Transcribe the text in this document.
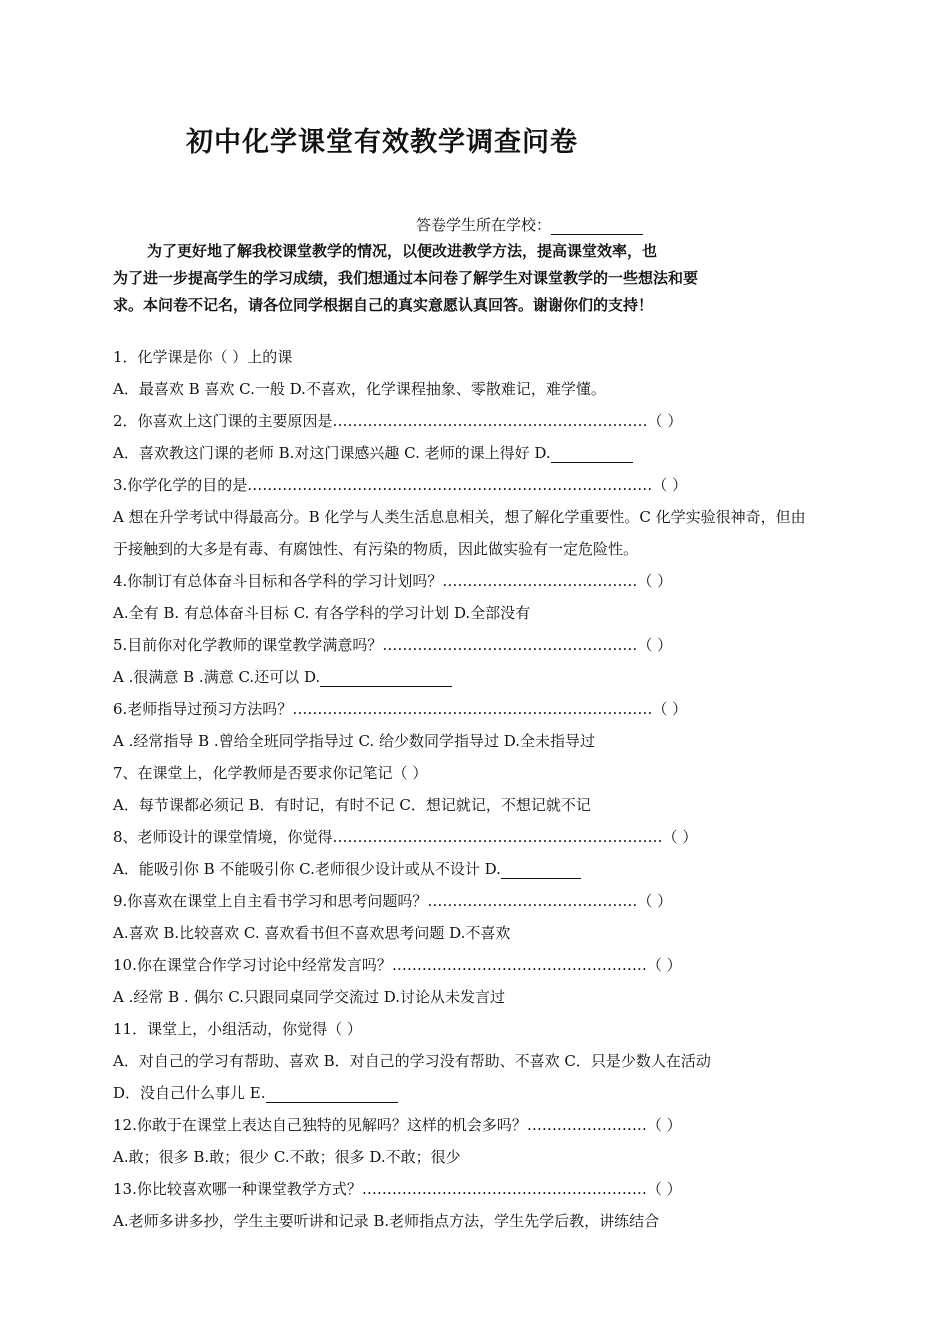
初中化学课堂有效教学调查问卷
答卷学生所在学校：
为了更好地了解我校课堂教学的情况，以便改进教学方法，提高课堂效率，也
为了进一步提高学生的学习成绩，我们想通过本问卷了解学生对课堂教学的一些想法和要
求。本问卷不记名，请各位同学根据自己的真实意愿认真回答。谢谢你们的支持！
1．化学课是你（ ）上的课
A．最喜欢 B 喜欢 C.一般 D.不喜欢，化学课程抽象、零散难记，难学懂。
2．你喜欢上这门课的主要原因是………………………………………………………（ ）
A．喜欢教这门课的老师 B.对这门课感兴趣 C. 老师的课上得好 D.
3.你学化学的目的是………………………………………………………………………（ ）
A 想在升学考试中得最高分。B 化学与人类生活息息相关，想了解化学重要性。C 化学实验很神奇，但由
于接触到的大多是有毒、有腐蚀性、有污染的物质，因此做实验有一定危险性。
4.你制订有总体奋斗目标和各学科的学习计划吗？…………………………………（ ）
A.全有 B. 有总体奋斗目标 C. 有各学科的学习计划 D.全部没有
5.目前你对化学教师的课堂教学满意吗？……………………………………………（ ）
A .很满意 B .满意 C.还可以 D.
6.老师指导过预习方法吗？………………………………………………………………（ ）
A .经常指导 B .曾给全班同学指导过 C. 给少数同学指导过 D.全未指导过
7、在课堂上，化学教师是否要求你记笔记（ ）
A．每节课都必须记 B．有时记，有时不记 C．想记就记，不想记就不记
8、老师设计的课堂情境，你觉得…………………………………………………………（ ）
A．能吸引你 B 不能吸引你 C.老师很少设计或从不设计 D.
9.你喜欢在课堂上自主看书学习和思考问题吗？……………………………………（ ）
A.喜欢 B.比较喜欢 C. 喜欢看书但不喜欢思考问题 D.不喜欢
10.你在课堂合作学习讨论中经常发言吗？……………………………………………（ ）
A .经常 B . 偶尔 C.只跟同桌同学交流过 D.讨论从未发言过
11．课堂上，小组活动，你觉得（ ）
A．对自己的学习有帮助、喜欢 B．对自己的学习没有帮助、不喜欢 C．只是少数人在活动
D．没自己什么事儿 E.
12.你敢于在课堂上表达自己独特的见解吗？这样的机会多吗？……………………（ ）
A.敢；很多 B.敢；很少 C.不敢；很多 D.不敢；很少
13.你比较喜欢哪一种课堂教学方式？…………………………………………………（ ）
A.老师多讲多抄，学生主要听讲和记录 B.老师指点方法，学生先学后教，讲练结合
